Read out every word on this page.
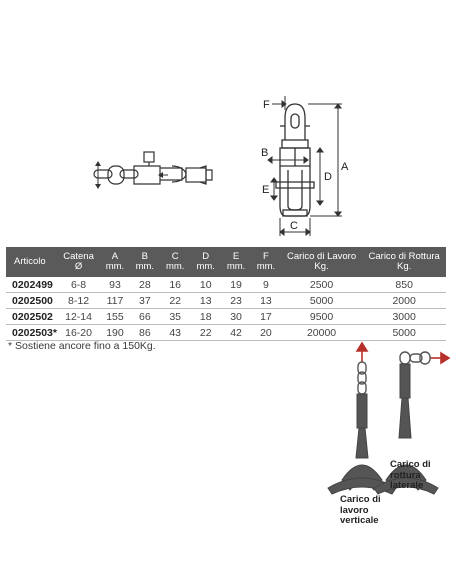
F
B
E
D
A
C
Articolo	Catena Ø	A mm.	B mm.	C mm.	D mm.	E mm.	F mm.	Carico di Lavoro Kg.	Carico di Rottura Kg.
0202499	6-8	93	28	16	10	19	9	2500	850
0202500	8-12	117	37	22	13	23	13	5000	2000
0202502	12-14	155	66	35	18	30	17	9500	3000
0202503*	16-20	190	86	43	22	42	20	20000	5000
* Sostiene ancore fino a 150Kg.
Carico di
lavoro
verticale
Carico di
rottura
laterale
